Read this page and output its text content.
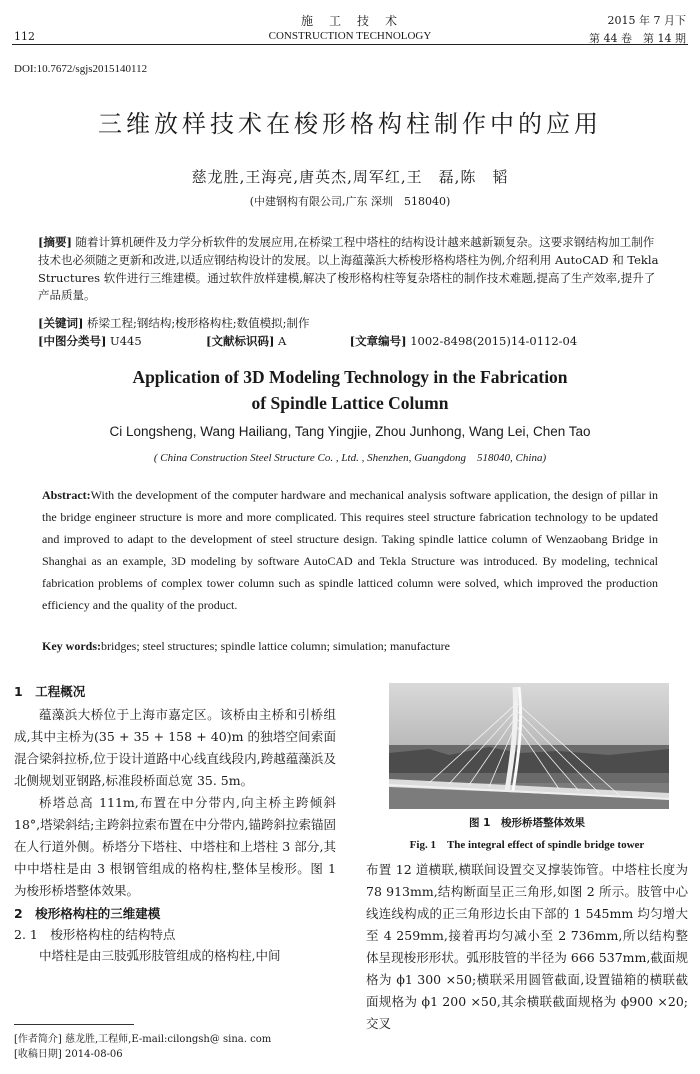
112
施　工　技　术
CONSTRUCTION TECHNOLOGY
2015 年 7 月下
第 44 卷　第 14 期
DOI:10.7672/sgjs2015140112
三维放样技术在梭形格构柱制作中的应用
慈龙胜,王海亮,唐英杰,周军红,王　磊,陈　韬
(中建钢构有限公司,广东 深圳　518040)
[摘要] 随着计算机硬件及力学分析软件的发展应用,在桥梁工程中塔柱的结构设计越来越新颖复杂。这要求钢结构加工制作技术也必须随之更新和改进,以适应钢结构设计的发展。以上海蕴藻浜大桥梭形格构塔柱为例,介绍利用 AutoCAD 和 Tekla Structures 软件进行三维建模。通过软件放样建模,解决了梭形格构柱等复杂塔柱的制作技术难题,提高了生产效率,提升了产品质量。
[关键词] 桥梁工程;钢结构;梭形格构柱;数值模拟;制作
[中图分类号] U445	[文献标识码] A	[文章编号] 1002-8498(2015)14-0112-04
Application of 3D Modeling Technology in the Fabrication
of Spindle Lattice Column
Ci Longsheng, Wang Hailiang, Tang Yingjie, Zhou Junhong, Wang Lei, Chen Tao
( China Construction Steel Structure Co. , Ltd. , Shenzhen, Guangdong　518040, China)
Abstract:With the development of the computer hardware and mechanical analysis software application, the design of pillar in the bridge engineer structure is more and more complicated. This requires steel structure fabrication technology to be updated and improved to adapt to the development of steel structure design. Taking spindle lattice column of Wenzaobang Bridge in Shanghai as an example, 3D modeling by software AutoCAD and Tekla Structure was introduced. By modeling, technical fabrication problems of complex tower column such as spindle latticed column were solved, which improved the production efficiency and the quality of the product.
Key words:bridges; steel structures; spindle lattice column; simulation; manufacture
1　工程概况

蕴藻浜大桥位于上海市嘉定区。该桥由主桥和引桥组成,其中主桥为(35 + 35 + 158 + 40)m 的独塔空间索面混合梁斜拉桥,位于设计道路中心线直线段内,跨越蕴藻浜及北侧规划亚钢路,标准段桥面总宽 35. 5m。

桥塔总高 111m,布置在中分带内,向主桥主跨倾斜 18°,塔梁斜结;主跨斜拉索布置在中分带内,锚跨斜拉索锚固在人行道外侧。桥塔分下塔柱、中塔柱和上塔柱 3 部分,其中中塔柱是由 3 根钢管组成的格构柱,整体呈梭形。图 1 为梭形桥塔整体效果。

2　梭形格构柱的三维建模
2. 1　梭形格构柱的结构特点

中塔柱是由三肢弧形肢管组成的格构柱,中间

图 1　梭形桥塔整体效果
Fig. 1　The integral effect of spindle bridge tower

布置 12 道横联,横联间设置交叉撑装饰管。中塔柱长度为 78 913mm,结构断面呈正三角形,如图 2 所示。肢管中心线连线构成的正三角形边长由下部的 1 545mm 均匀增大至 4 259mm,接着再均匀减小至 2 736mm,所以结构整体呈现梭形形状。弧形肢管的半径为 666 537mm,截面规格为 ϕ1 300 ×50;横联采用圆管截面,设置锚箱的横联截面规格为 ϕ1 200 ×50,其余横联截面规格为 ϕ900 ×20;交叉

[作者简介] 慈龙胜,工程师,E-mail:cilongsh@ sina. com
[收稿日期] 2014-08-06
